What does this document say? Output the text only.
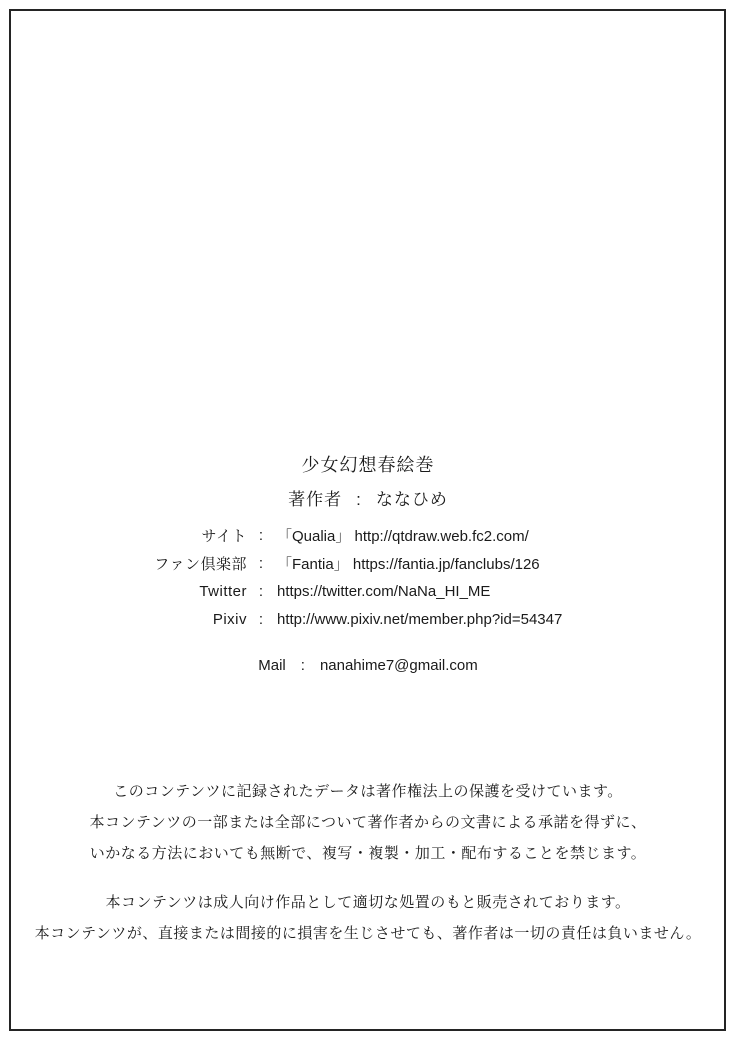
少女幻想春絵巻
著作者 : ななひめ
サイト : 「Qualia」 http://qtdraw.web.fc2.com/
ファン倶楽部 : 「Fantia」 https://fantia.jp/fanclubs/126
Twitter : https://twitter.com/NaNa_HI_ME
Pixiv : http://www.pixiv.net/member.php?id=54347
Mail : nanahime7@gmail.com
このコンテンツに記録されたデータは著作権法上の保護を受けています。
本コンテンツの一部または全部について著作者からの文書による承諾を得ずに、
いかなる方法においても無断で、複写・複製・加工・配布することを禁じます。
本コンテンツは成人向け作品として適切な処置のもと販売されております。
本コンテンツが、直接または間接的に損害を生じさせても、著作者は一切の責任は負いません。
